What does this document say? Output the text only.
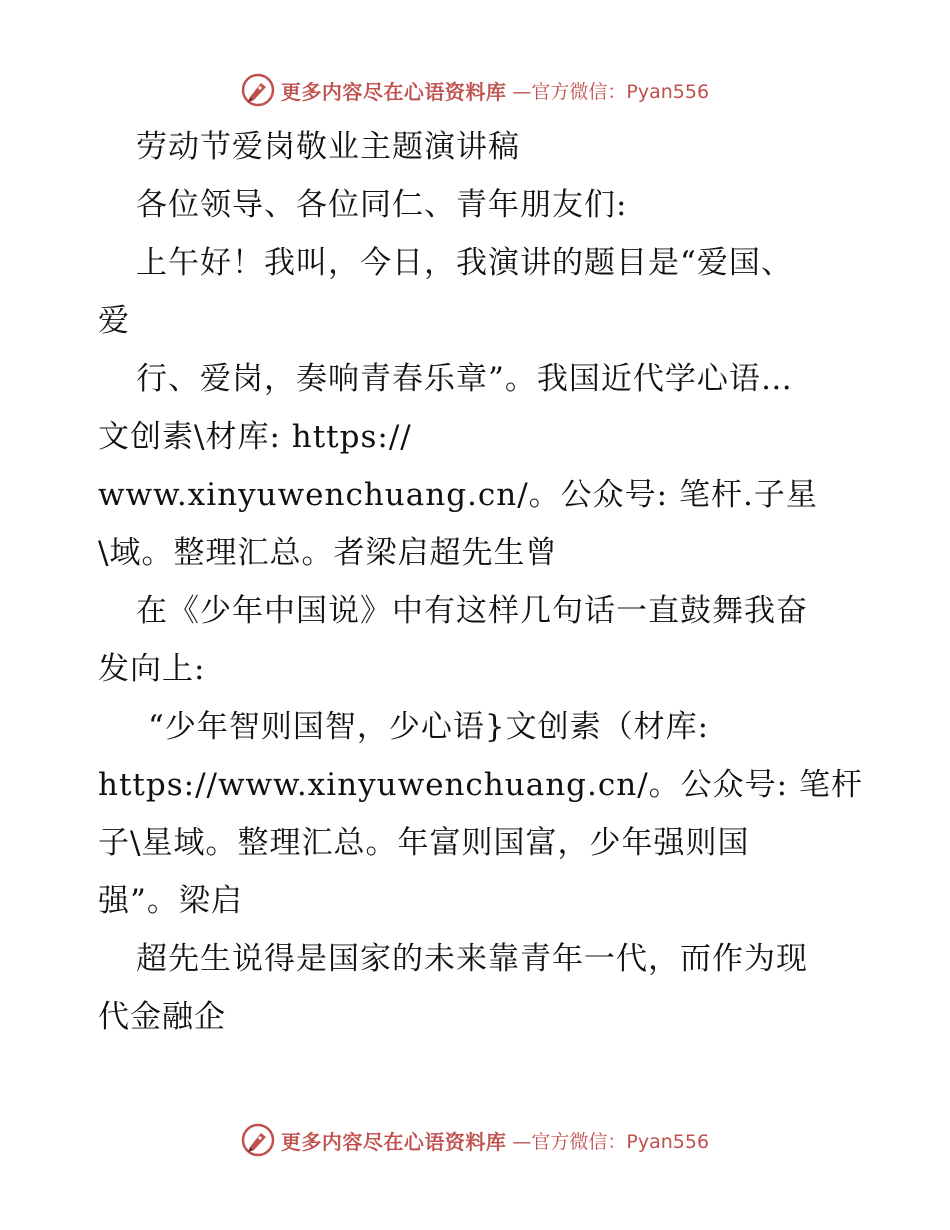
更多内容尽在心语资料库 —官方微信：Pyan556
劳动节爱岗敬业主题演讲稿
各位领导、各位同仁、青年朋友们:
上午好！我叫，今日，我演讲的题目是“爱国、
爱
行、爱岗，奏响青春乐章”。我国近代学心语…
文创素\材库: https://
www.xinyuwenchuang.cn/。公众号: 笔杆.子星
\域。整理汇总。者梁启超先生曾
在《少年中国说》中有这样几句话一直鼓舞我奋
发向上:
“少年智则国智，少心语}文创素（材库:
https://www.xinyuwenchuang.cn/。公众号: 笔杆
子\星域。整理汇总。年富则国富，少年强则国
强”。梁启
超先生说得是国家的未来靠青年一代，而作为现
代金融企
更多内容尽在心语资料库 —官方微信：Pyan556
